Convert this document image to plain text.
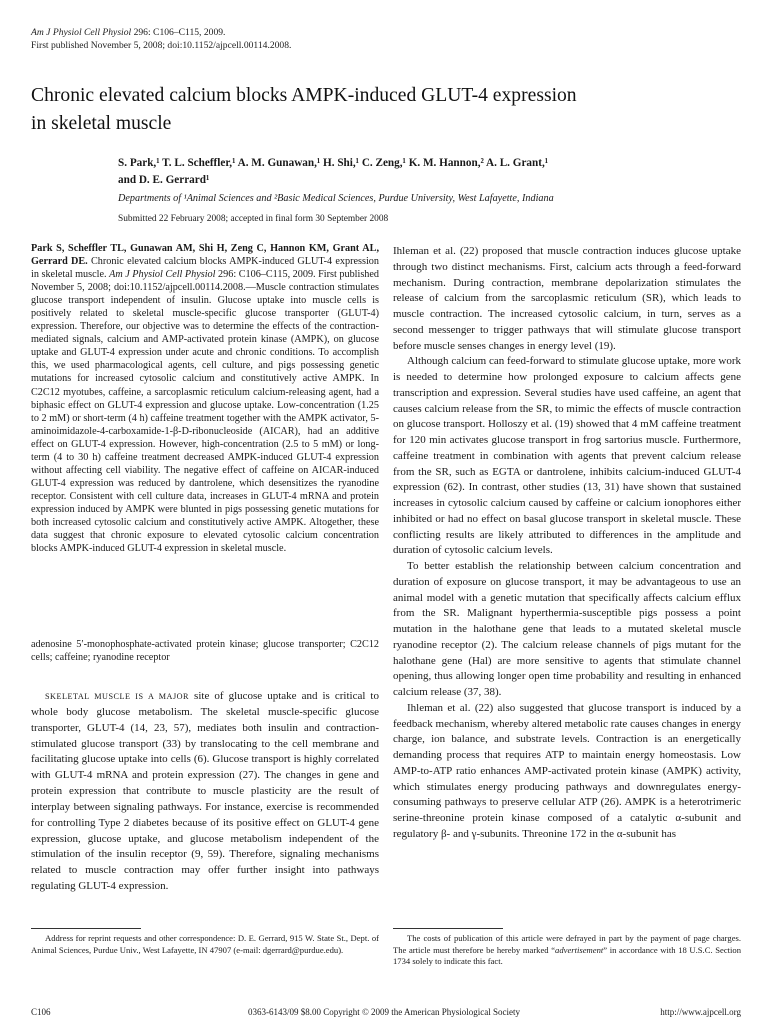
Am J Physiol Cell Physiol 296: C106–C115, 2009.
First published November 5, 2008; doi:10.1152/ajpcell.00114.2008.
Chronic elevated calcium blocks AMPK-induced GLUT-4 expression
in skeletal muscle
S. Park,¹ T. L. Scheffler,¹ A. M. Gunawan,¹ H. Shi,¹ C. Zeng,¹ K. M. Hannon,² A. L. Grant,¹
and D. E. Gerrard¹
Departments of ¹Animal Sciences and ²Basic Medical Sciences, Purdue University, West Lafayette, Indiana
Submitted 22 February 2008; accepted in final form 30 September 2008

Park S, Scheffler TL, Gunawan AM, Shi H, Zeng C, Hannon KM, Grant AL, Gerrard DE. Chronic elevated calcium blocks AMPK-induced GLUT-4 expression in skeletal muscle. Am J Physiol Cell Physiol 296: C106–C115, 2009. First published November 5, 2008; doi:10.1152/ajpcell.00114.2008.—Muscle contraction stimulates glucose transport independent of insulin. Glucose uptake into muscle cells is positively related to skeletal muscle-specific glucose transporter (GLUT-4) expression. Therefore, our objective was to determine the effects of the contraction-mediated signals, calcium and AMP-activated protein kinase (AMPK), on glucose uptake and GLUT-4 expression under acute and chronic conditions. To accomplish this, we used pharmacological agents, cell culture, and pigs possessing genetic mutations for increased cytosolic calcium and constitutively active AMPK. In C2C12 myotubes, caffeine, a sarcoplasmic reticulum calcium-releasing agent, had a biphasic effect on GLUT-4 expression and glucose uptake. Low-concentration (1.25 to 2 mM) or short-term (4 h) caffeine treatment together with the AMPK activator, 5-aminoimidazole-4-carboxamide-1-β-D-ribonucleoside (AICAR), had an additive effect on GLUT-4 expression. However, high-concentration (2.5 to 5 mM) or long-term (4 to 30 h) caffeine treatment decreased AMPK-induced GLUT-4 expression without affecting cell viability. The negative effect of caffeine on AICAR-induced GLUT-4 expression was reduced by dantrolene, which desensitizes the ryanodine receptor. Consistent with cell culture data, increases in GLUT-4 mRNA and protein expression induced by AMPK were blunted in pigs possessing genetic mutations for both increased cytosolic calcium and constitutively active AMPK. Altogether, these data suggest that chronic exposure to elevated cytosolic calcium concentration blocks AMPK-induced GLUT-4 expression in skeletal muscle.

adenosine 5′-monophosphate-activated protein kinase; glucose transporter; C2C12 cells; caffeine; ryanodine receptor

SKELETAL MUSCLE IS A MAJOR site of glucose uptake and is critical to whole body glucose metabolism. The skeletal muscle-specific glucose transporter, GLUT-4 (14, 23, 57), mediates both insulin and contraction-stimulated glucose transport (33) by translocating to the cell membrane and facilitating glucose uptake into cells (6). Glucose transport is highly correlated with GLUT-4 mRNA and protein expression (27). The changes in gene and protein expression that contribute to muscle plasticity are the result of interplay between signaling pathways. For instance, exercise is recommended for controlling Type 2 diabetes because of its positive effect on GLUT-4 gene expression, glucose uptake, and glucose metabolism independent of the stimulation of the insulin receptor (9, 59). Therefore, signaling mechanisms related to muscle contraction may offer further insight into pathways regulating GLUT-4 expression.

Ihleman et al. (22) proposed that muscle contraction induces glucose uptake through two distinct mechanisms. First, calcium acts through a feed-forward mechanism. During contraction, membrane depolarization stimulates the release of calcium from the sarcoplasmic reticulum (SR), which leads to muscle contraction. The increased cytosolic calcium, in turn, serves as a second messenger to trigger pathways that will stimulate glucose transport before muscle senses changes in energy level (19).

Although calcium can feed-forward to stimulate glucose uptake, more work is needed to determine how prolonged exposure to calcium affects gene transcription and expression. Several studies have used caffeine, an agent that causes calcium release from the SR, to mimic the effects of muscle contraction on glucose transport. Holloszy et al. (19) showed that 4 mM caffeine treatment for 120 min activates glucose transport in frog sartorius muscle. Furthermore, caffeine treatment in combination with agents that prevent calcium release from the SR, such as EGTA or dantrolene, inhibits calcium-induced GLUT-4 expression (62). In contrast, other studies (13, 31) have shown that sustained increases in cytosolic calcium caused by caffeine or calcium ionophores either inhibited or had no effect on basal glucose transport in skeletal muscle. These conflicting results are likely attributed to differences in the amplitude and duration of cytosolic calcium levels.

To better establish the relationship between calcium concentration and duration of exposure on glucose transport, it may be advantageous to use an animal model with a genetic mutation that specifically affects calcium efflux from the SR. Malignant hyperthermia-susceptible pigs possess a point mutation in the halothane gene that leads to a mutated skeletal muscle ryanodine receptor (2). The calcium release channels of pigs mutant for the halothane gene (Hal) are more sensitive to agents that stimulate channel opening, thus allowing longer open time probability and resulting in enhanced calcium release (37, 38).

Ihleman et al. (22) also suggested that glucose transport is induced by a feedback mechanism, whereby altered metabolic rate causes changes in energy charge, ion balance, and substrate levels. Contraction is an energetically demanding process that requires ATP to maintain energy homeostasis. Low AMP-to-ATP ratio enhances AMP-activated protein kinase (AMPK) activity, which stimulates energy producing pathways and downregulates energy-consuming pathways to preserve cellular ATP (26). AMPK is a heterotrimeric serine-threonine protein kinase composed of a catalytic α-subunit and regulatory β- and γ-subunits. Threonine 172 in the α-subunit has

Address for reprint requests and other correspondence: D. E. Gerrard, 915 W. State St., Dept. of Animal Sciences, Purdue Univ., West Lafayette, IN 47907 (e-mail: dgerrard@purdue.edu).

The costs of publication of this article were defrayed in part by the payment of page charges. The article must therefore be hereby marked “advertisement” in accordance with 18 U.S.C. Section 1734 solely to indicate this fact.

C106	0363-6143/09 $8.00 Copyright © 2009 the American Physiological Society	http://www.ajpcell.org
